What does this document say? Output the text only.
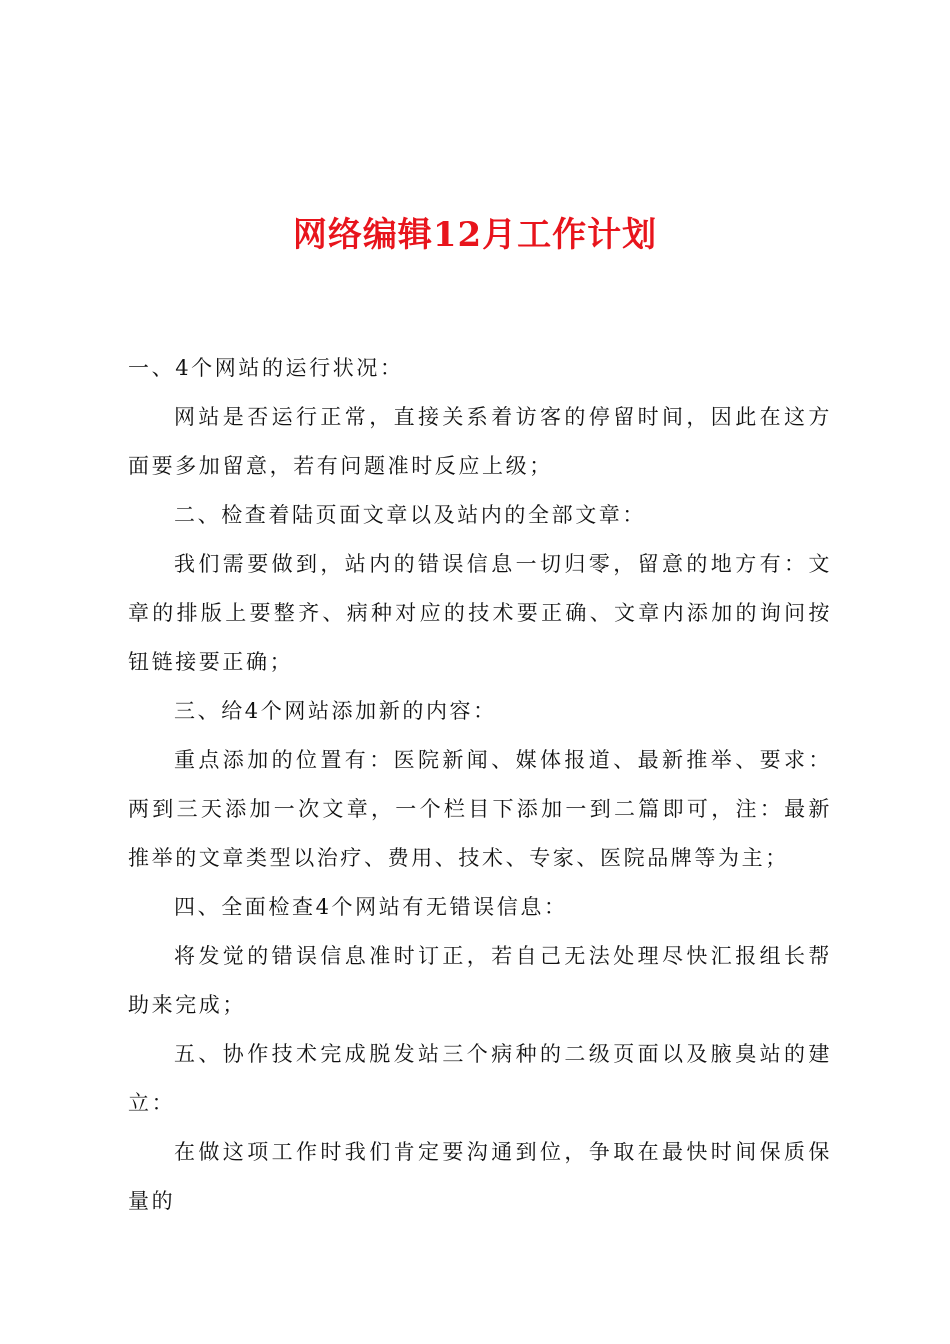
网络编辑12月工作计划

一、4个网站的运行状况：

网站是否运行正常，直接关系着访客的停留时间，因此在这方面要多加留意，若有问题准时反应上级；

二、检查着陆页面文章以及站内的全部文章：

我们需要做到，站内的错误信息一切归零，留意的地方有：文章的排版上要整齐、病种对应的技术要正确、文章内添加的询问按钮链接要正确；

三、给4个网站添加新的内容：

重点添加的位置有：医院新闻、媒体报道、最新推举、要求：两到三天添加一次文章，一个栏目下添加一到二篇即可，注：最新推举的文章类型以治疗、费用、技术、专家、医院品牌等为主；

四、全面检查4个网站有无错误信息：

将发觉的错误信息准时订正，若自己无法处理尽快汇报组长帮助来完成；

五、协作技术完成脱发站三个病种的二级页面以及腋臭站的建立：

在做这项工作时我们肯定要沟通到位，争取在最快时间保质保量的
